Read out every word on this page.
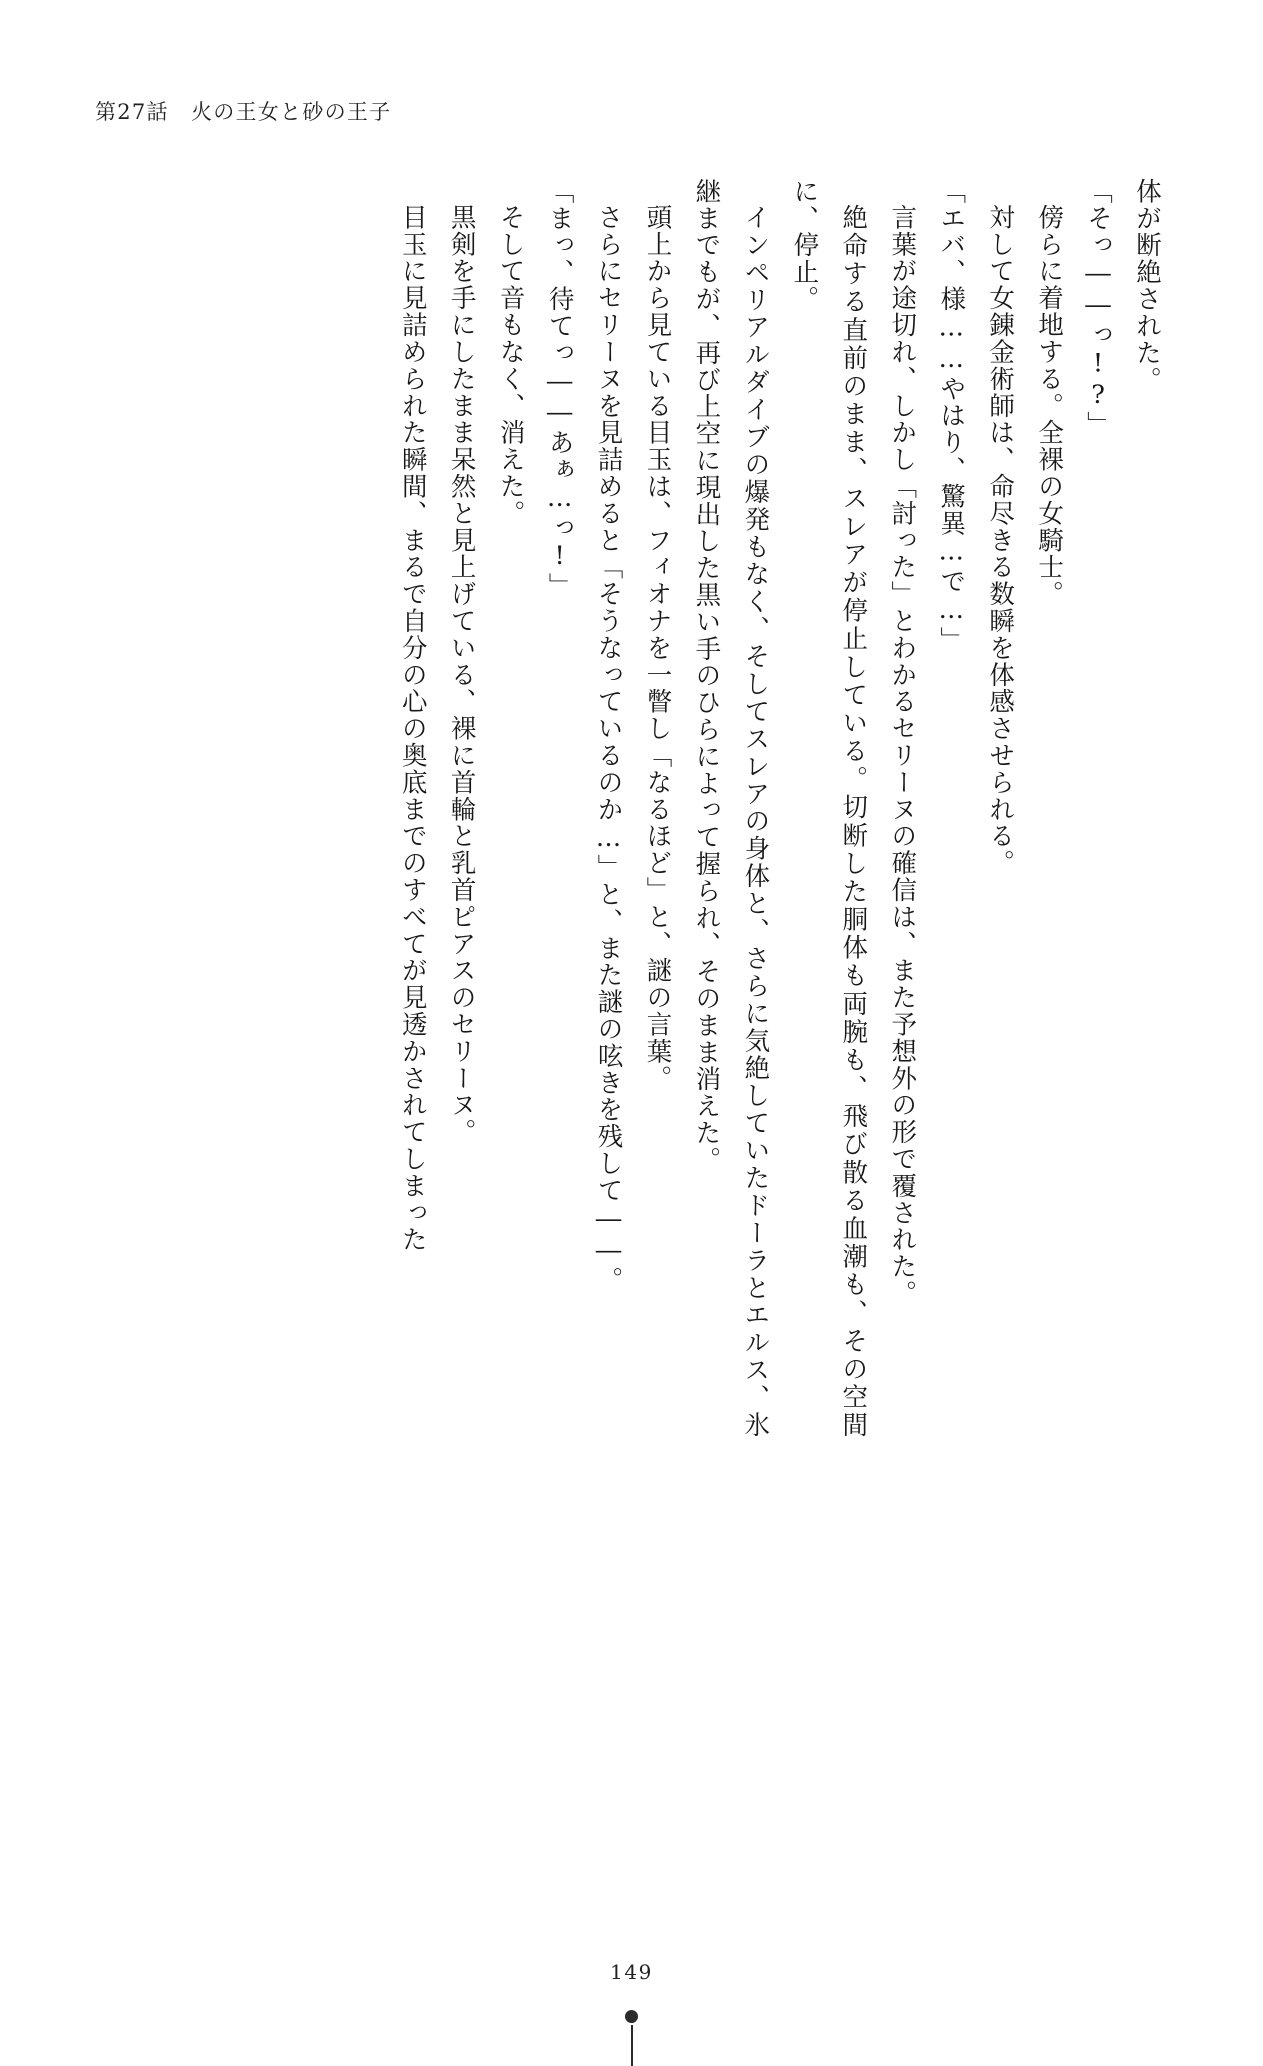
第27話　火の王女と砂の王子

体が断絶された。

「そっ――っ!?」

傍らに着地する。全裸の女騎士。

対して女錬金術師は、命尽きる数瞬を体感させられる。

「エバ、様……やはり、驚異…で…」

言葉が途切れ、しかし「討った」とわかるセリーヌの確信は、また予想外の形で覆された。

絶命する直前のまま、スレアが停止している。切断した胴体も両腕も、飛び散る血潮も、その空間に、停止。

インペリアルダイブの爆発もなく、そしてスレアの身体と、さらに気絶していたドーラとエルス、氷継までもが、再び上空に現出した黒い手のひらによって握られ、そのまま消えた。

頭上から見ている目玉は、フィオナを一瞥し「なるほど」と、謎の言葉。

さらにセリーヌを見詰めると「そうなっているのか…」と、また謎の呟きを残して――。

「まっ、待てっ――あぁ…っ!」

そして音もなく、消えた。

黒剣を手にしたまま呆然と見上げている、裸に首輪と乳首ピアスのセリーヌ。

目玉に見詰められた瞬間、まるで自分の心の奥底までのすべてが見透かされてしまった

149
